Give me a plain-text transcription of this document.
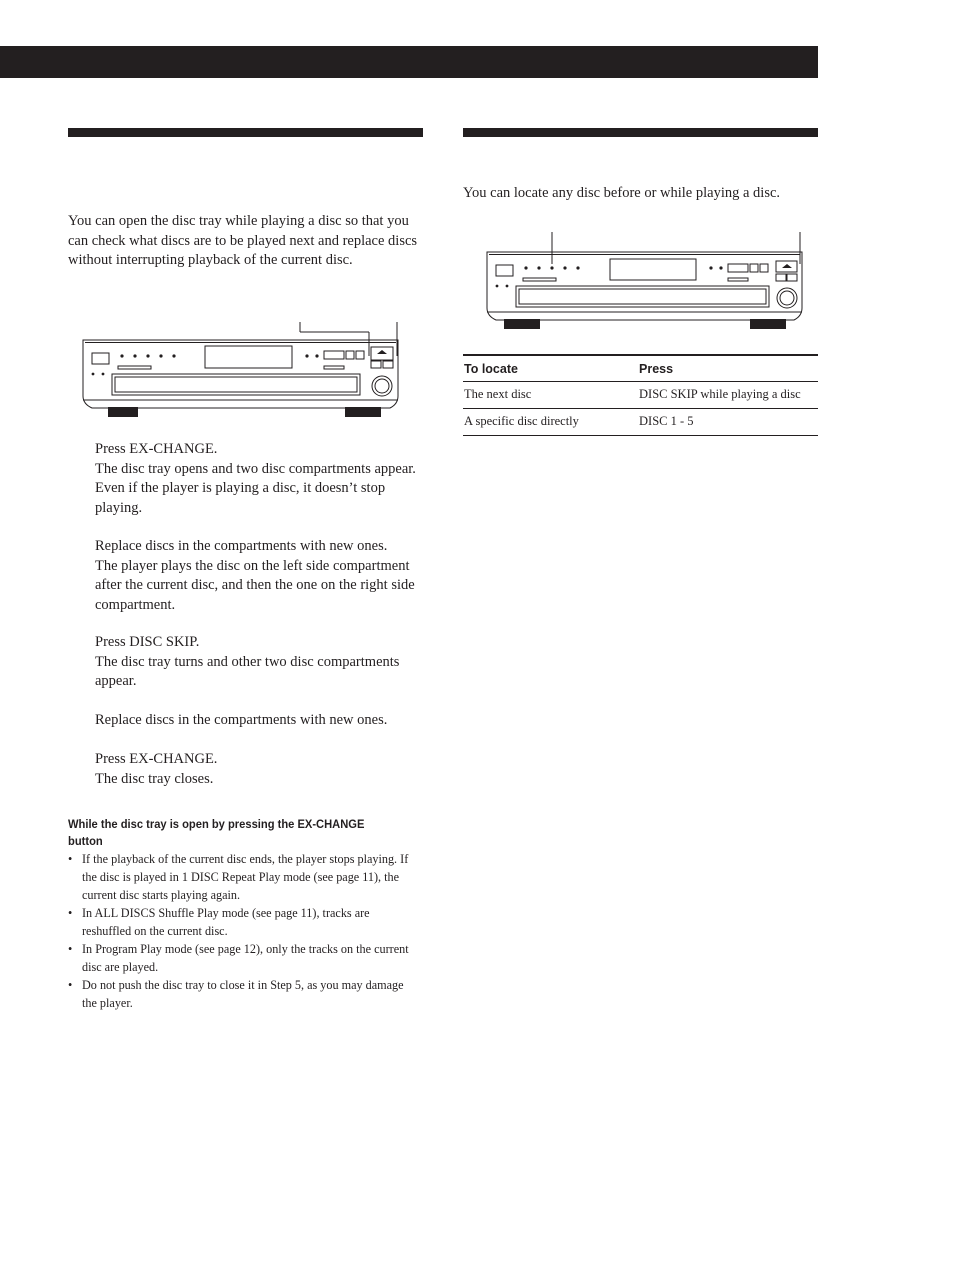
You can open the disc tray while playing a disc so that you can check what discs are to be played next and replace discs without interrupting playback of the current disc.

Press EX-CHANGE.

The disc tray opens and two disc compartments appear. Even if the player is playing a disc, it doesn’t stop playing.

Replace discs in the compartments with new ones.

The player plays the disc on the left side compartment after the current disc, and then the one on the right side compartment.

Press DISC SKIP.

The disc tray turns and other two disc compartments appear.

Replace discs in the compartments with new ones.

Press EX-CHANGE.

The disc tray closes.

While the disc tray is open by pressing the EX-CHANGE button
• If the playback of the current disc ends, the player stops playing. If the disc is played in 1 DISC Repeat Play mode (see page 11), the current disc starts playing again.
• In ALL DISCS Shuffle Play mode (see page 11), tracks are reshuffled on the current disc.
• In Program Play mode (see page 12), only the tracks on the current disc are played.
• Do not push the disc tray to close it in Step 5, as you may damage the player.

You can locate any disc before or while playing a disc.

To locate	Press
The next disc	DISC SKIP while playing a disc
A specific disc directly	DISC 1 - 5
